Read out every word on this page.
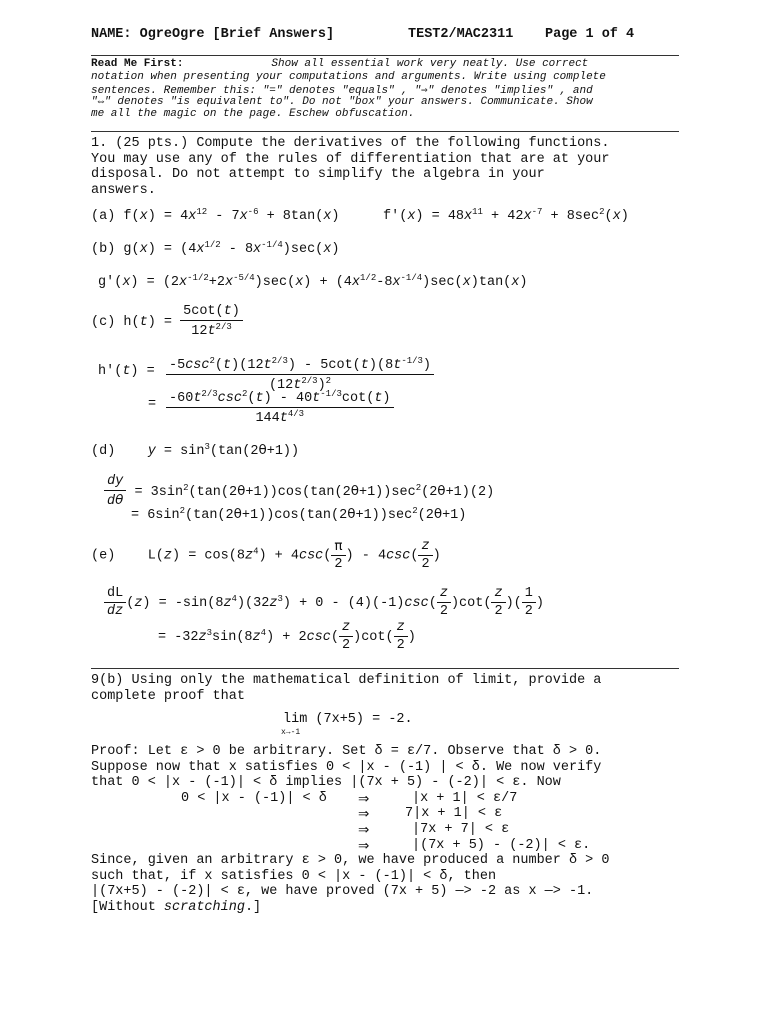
NAME: OgreOgre [Brief Answers]	TEST2/MAC2311 Page 1 of 4
Read Me First:	Show all essential work very neatly. Use correct
notation when presenting your computations and arguments. Write using complete
sentences. Remember this: "=" denotes "equals" , "⇒" denotes "implies" , and
"⇔" denotes "is equivalent to". Do not "box" your answers. Communicate. Show
me all the magic on the page. Eschew obfuscation.
1. (25 pts.) Compute the derivatives of the following functions.
You may use any of the rules of differentiation that are at your
disposal. Do not attempt to simplify the algebra in your
answers.
(a) $f(x) = 4x^{12} - 7x^{-6} + 8\tan(x)$	$f'(x) = 48x^{11} + 42x^{-7} + 8\sec^2(x)$
(b) $g(x) = (4x^{1/2} - 8x^{-1/4})\sec(x)$
$g'(x) = (2x^{-1/2}+2x^{-5/4})\sec(x) + (4x^{1/2}-8x^{-1/4})\sec(x)\tan(x)$
(c) $h(t) = \frac{5\cot(t)}{12t^{2/3}}$
$h'(t) = \frac{-5\csc^2(t)(12t^{2/3}) - 5\cot(t)(8t^{-1/3})}{(12t^{2/3})^2}$
= $\frac{-60t^{2/3}\csc^2(t) - 40t^{-1/3}\cot(t)}{144t^{4/3}}$
(d)    $y = \sin^3(\tan(2\theta+1))$
$\frac{dy}{d\theta} = 3\sin^2(\tan(2\theta+1))\cos(\tan(2\theta+1))\sec^2(2\theta+1)(2)$
= $6\sin^2(\tan(2\theta+1))\cos(\tan(2\theta+1))\sec^2(2\theta+1)$
(e)    $L(z) = \cos(8z^4) + 4\csc( \frac{\pi}{2}$ ) - $4\csc( \frac{z}{2}$ )
$\frac{dL}{dz} (z) = -\sin(8z^4)(32z^3) + 0 - (4)(-1)\csc( \frac{z}{2} )\cot( \frac{z}{2}$ )( $\frac{1}{2}$ )
= $-32z^3\sin(8z^4) + 2\csc( \frac{z}{2} )\cot( \frac{z}{2}$ )
9(b) Using only the mathematical definition of limit, provide a
complete proof that
lim (7x+5) = -2.
x→-1
Proof: Let ε > 0 be arbitrary. Set δ = ε/7. Observe that δ > 0.
Suppose now that x satisfies 0 < |x - (-1) | < δ. We now verify
that 0 < |x - (-1)| < δ implies |(7x + 5) - (-2)| < ε. Now
0 < |x - (-1)| < δ ⇒	|x + 1| < ε/7
⇒	7|x + 1| < ε
⇒	|7x + 7| < ε
⇒	|(7x + 5) - (-2)| < ε.
Since, given an arbitrary ε > 0, we have produced a number δ > 0
such that, if x satisfies 0 < |x - (-1)| < δ, then
|(7x+5) - (-2)| < ε, we have proved (7x + 5) —> -2 as x —> -1.
[Without scratching.]
